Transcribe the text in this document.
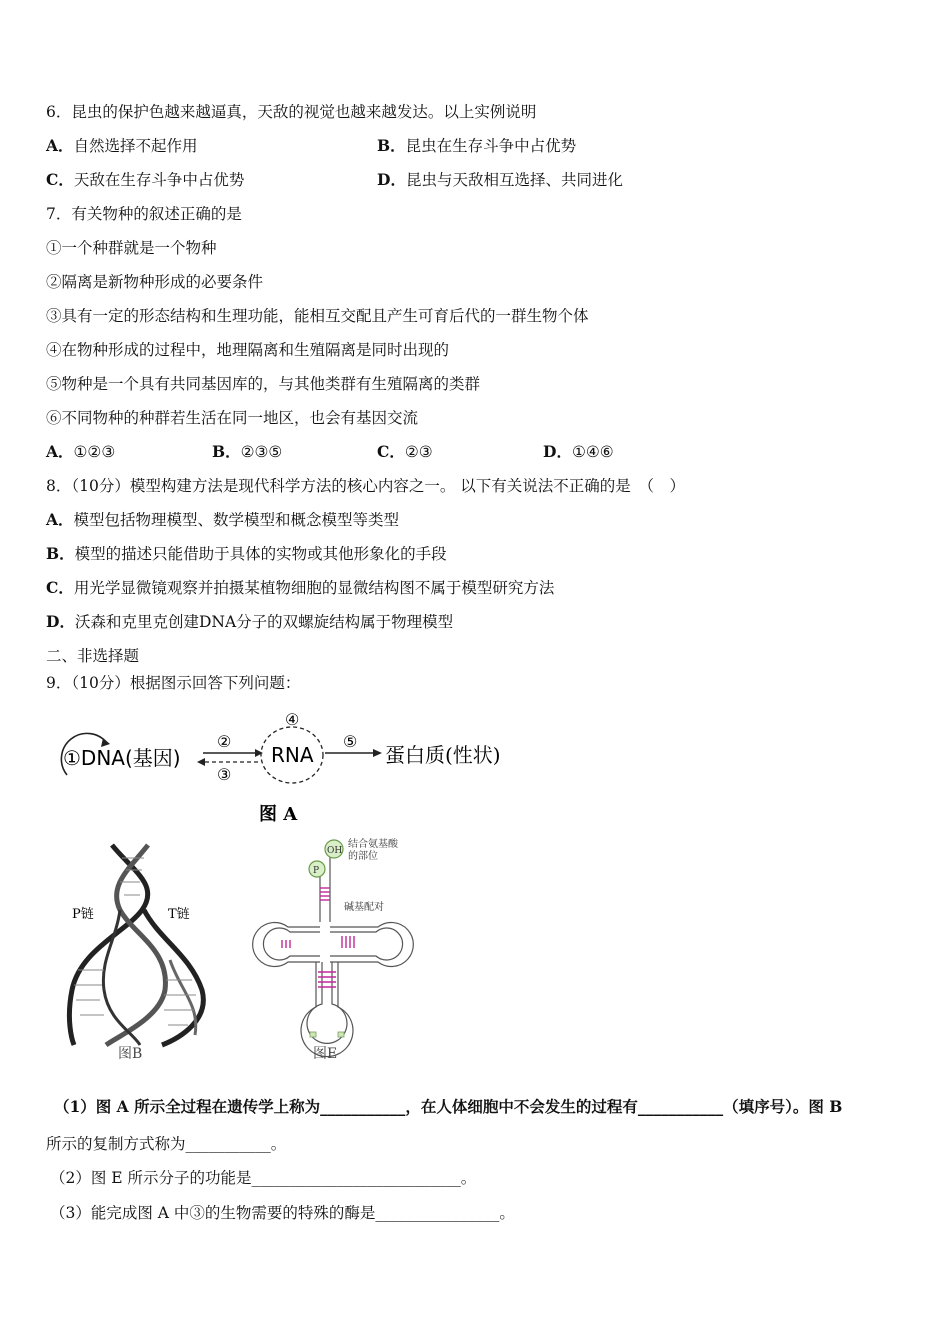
6．昆虫的保护色越来越逼真，天敌的视觉也越来越发达。以上实例说明
A．自然选择不起作用	B．昆虫在生存斗争中占优势
C．天敌在生存斗争中占优势	D．昆虫与天敌相互选择、共同进化
7．有关物种的叙述正确的是
①一个种群就是一个物种
②隔离是新物种形成的必要条件
③具有一定的形态结构和生理功能，能相互交配且产生可育后代的一群生物个体
④在物种形成的过程中，地理隔离和生殖隔离是同时出现的
⑤物种是一个具有共同基因库的，与其他类群有生殖隔离的类群
⑥不同物种的种群若生活在同一地区，也会有基因交流
A．①②③	B．②③⑤	C．②③	D．①④⑥
8．（10分）模型构建方法是现代科学方法的核心内容之一。 以下有关说法不正确的是　（　）
A．模型包括物理模型、数学模型和概念模型等类型
B．模型的描述只能借助于具体的实物或其他形象化的手段
C．用光学显微镜观察并拍摄某植物细胞的显微结构图不属于模型研究方法
D．沃森和克里克创建DNA分子的双螺旋结构属于物理模型
二、非选择题
9．（10分）根据图示回答下列问题：
①DNA(基因)
②
③
④
RNA
⑤
蛋白质(性状)
图 A
P链	T链
图B
OH
P
结合氨基酸
的部位
碱基配对
图E
（1）图 A 所示全过程在遗传学上称为___________，在人体细胞中不会发生的过程有___________（填序号）。图 B
所示的复制方式称为___________。
（2）图 E 所示分子的功能是___________________________。
（3）能完成图 A 中③的生物需要的特殊的酶是________________。
